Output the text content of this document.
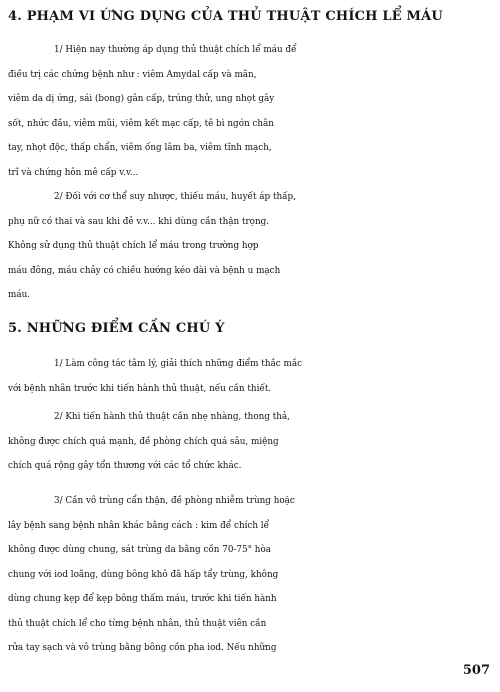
4. PHẠM VI ỨNG DỤNG CỦA THỦ THUẬT CHÍCH LỂ MÁU
1/ Hiện nay thường áp dụng thủ thuật chích lể máu để
điều trị các chứng bệnh như : viêm Amydal cấp và mãn,
viêm da dị ứng, sái (bong) gân cấp, trúng thử, ung nhọt gây
sốt, nhức đầu, viêm mũi, viêm kết mạc cấp, tê bì ngón chân
tay, nhọt độc, thấp chẩn, viêm ống lâm ba, viêm tĩnh mạch,
trĩ và chứng hôn mê cấp v.v...
2/ Đối với cơ thể suy nhược, thiếu máu, huyết áp thấp,
phụ nữ có thai và sau khi đẻ v.v... khi dùng cần thận trọng.
Không sử dụng thủ thuật chích lể máu trong trường hợp
máu đông, máu chảy có chiều hướng kéo dài và bệnh u mạch
máu.
5. NHỮNG ĐIỂM CẦN CHÚ Ý
1/ Làm công tác tâm lý, giải thích những điểm thắc mắc
với bệnh nhân trước khi tiến hành thủ thuật, nếu cần thiết.
2/ Khi tiến hành thủ thuật cần nhẹ nhàng, thong thả,
không được chích quá mạnh, đề phòng chích quá sâu, miệng
chích quá rộng gây tổn thương với các tổ chức khác.
3/ Cần vô trùng cẩn thận, đề phòng nhiễm trùng hoặc
lây bệnh sang bệnh nhân khác bằng cách : kim để chích lể
không được dùng chung, sát trùng da bằng cồn 70-75° hòa
chung với iod loãng, dùng bông khô đã hấp tẩy trùng, không
dùng chung kẹp để kẹp bông thấm máu, trước khi tiến hành
thủ thuật chích lể cho từng bệnh nhân, thủ thuật viên cần
rửa tay sạch và vô trùng bằng bông cồn pha iod. Nếu những
507
